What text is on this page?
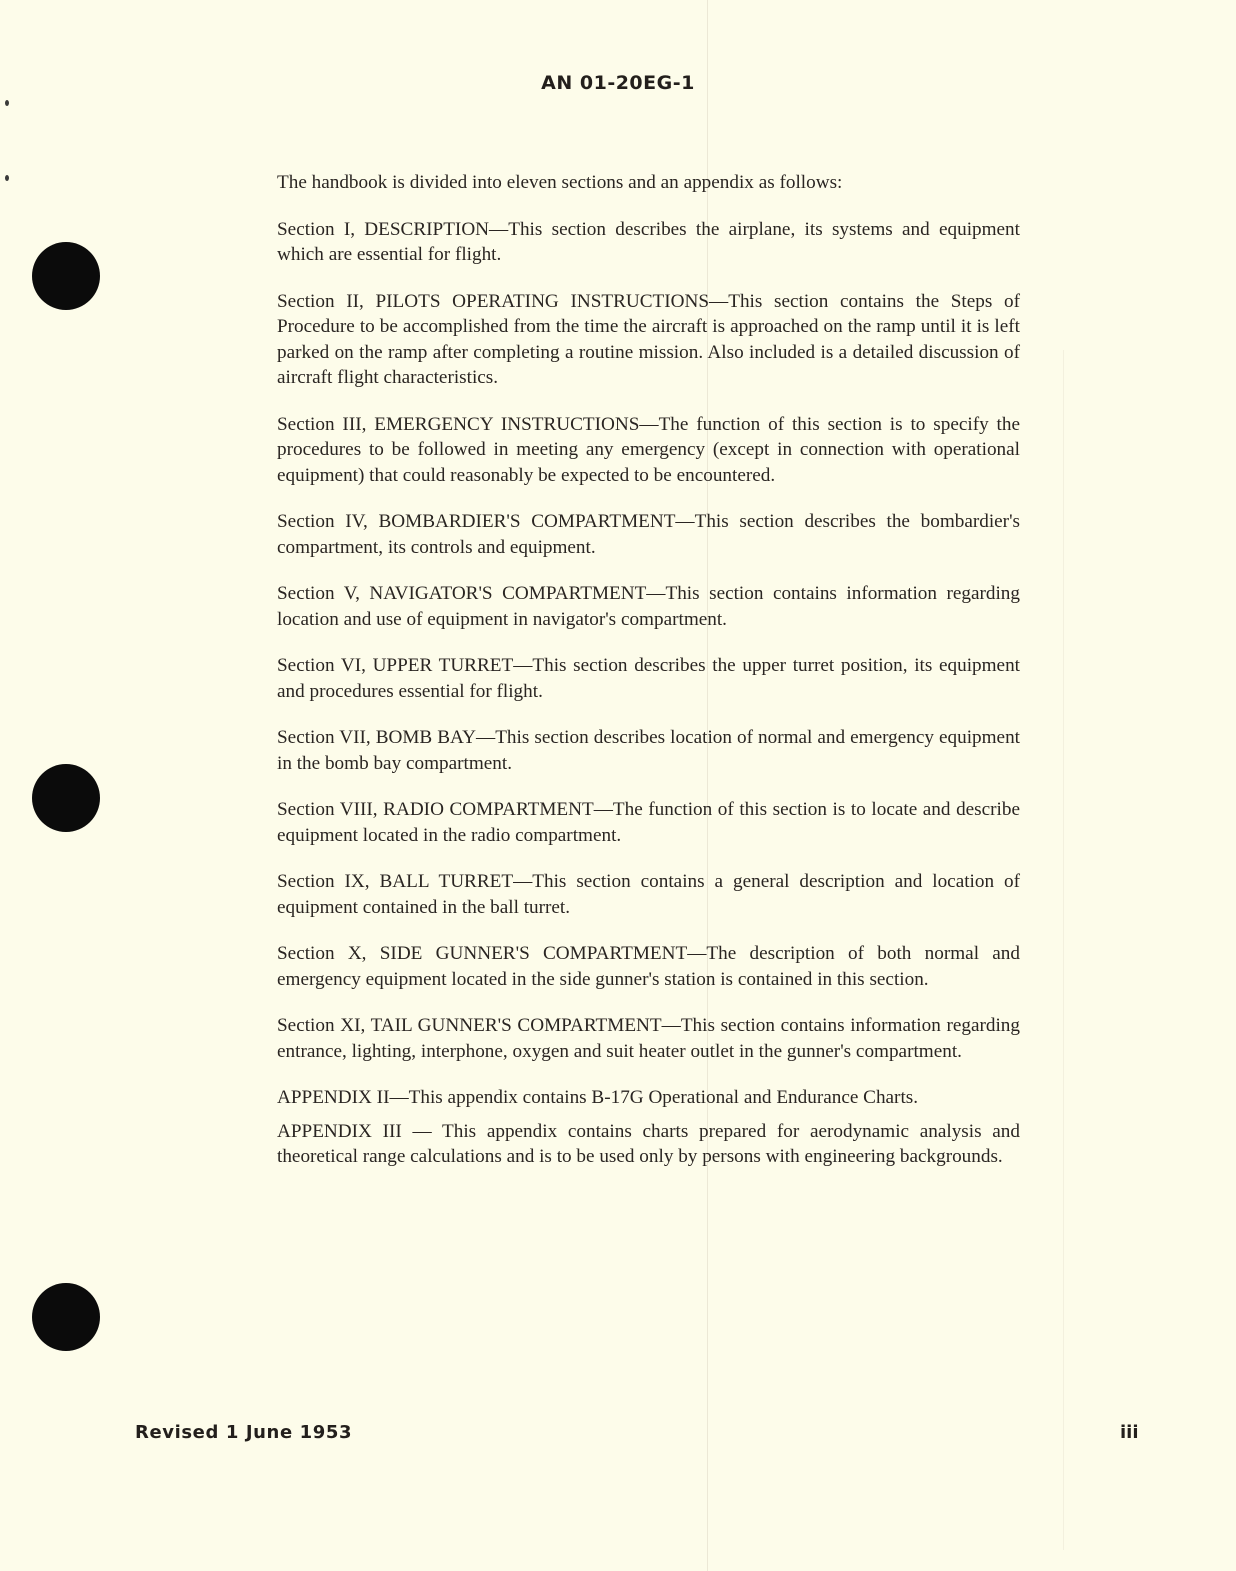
AN 01-20EG-1

The handbook is divided into eleven sections and an appendix as follows:

Section I, DESCRIPTION—This section describes the airplane, its systems and equipment which are essential for flight.

Section II, PILOTS OPERATING INSTRUCTIONS—This section contains the Steps of Procedure to be accomplished from the time the aircraft is approached on the ramp until it is left parked on the ramp after completing a routine mission. Also included is a detailed discussion of aircraft flight characteristics.

Section III, EMERGENCY INSTRUCTIONS—The function of this section is to specify the procedures to be followed in meeting any emergency (except in connection with operational equipment) that could reasonably be expected to be encountered.

Section IV, BOMBARDIER'S COMPARTMENT—This section describes the bombardier's compartment, its controls and equipment.

Section V, NAVIGATOR'S COMPARTMENT—This section contains information regarding location and use of equipment in navigator's compartment.

Section VI, UPPER TURRET—This section describes the upper turret position, its equipment and procedures essential for flight.

Section VII, BOMB BAY—This section describes location of normal and emergency equipment in the bomb bay compartment.

Section VIII, RADIO COMPARTMENT—The function of this section is to locate and describe equipment located in the radio compartment.

Section IX, BALL TURRET—This section contains a general description and location of equipment contained in the ball turret.

Section X, SIDE GUNNER'S COMPARTMENT—The description of both normal and emergency equipment located in the side gunner's station is contained in this section.

Section XI, TAIL GUNNER'S COMPARTMENT—This section contains information regarding entrance, lighting, interphone, oxygen and suit heater outlet in the gunner's compartment.

APPENDIX II—This appendix contains B-17G Operational and Endurance Charts.

APPENDIX III — This appendix contains charts prepared for aerodynamic analysis and theoretical range calculations and is to be used only by persons with engineering backgrounds.

Revised 1 June 1953	iii
